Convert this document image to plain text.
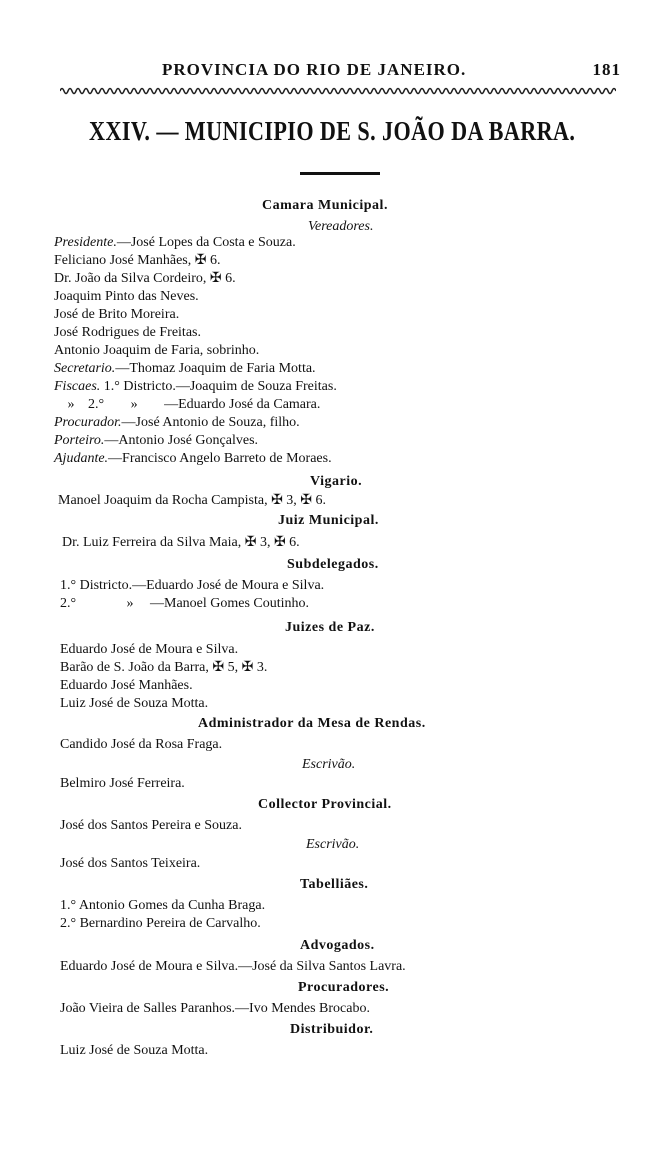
PROVINCIA DO RIO DE JANEIRO.	181
XXIV. — MUNICIPIO DE S. JOÃO DA BARRA.
Camara Municipal.
Vereadores.
Presidente.—José Lopes da Costa e Souza.
Feliciano José Manhães, ✠ 6.
Dr. João da Silva Cordeiro, ✠ 6.
Joaquim Pinto das Neves.
José de Brito Moreira.
José Rodrigues de Freitas.
Antonio Joaquim de Faria, sobrinho.
Secretario.—Thomaz Joaquim de Faria Motta.
Fiscaes. 1.° Districto.—Joaquim de Souza Freitas.
» 2.° » —Eduardo José da Camara.
Procurador.—José Antonio de Souza, filho.
Porteiro.—Antonio José Gonçalves.
Ajudante.—Francisco Angelo Barreto de Moraes.
Vigario.
Manoel Joaquim da Rocha Campista, ✠ 3, ✠ 6.
Juiz Municipal.
Dr. Luiz Ferreira da Silva Maia, ✠ 3, ✠ 6.
Subdelegados.
1.° Districto.—Eduardo José de Moura e Silva.
2.°	» —Manoel Gomes Coutinho.
Juizes de Paz.
Eduardo José de Moura e Silva.
Barão de S. João da Barra, ✠ 5, ✠ 3.
Eduardo José Manhães.
Luiz José de Souza Motta.
Administrador da Mesa de Rendas.
Candido José da Rosa Fraga.
Escrivão.
Belmiro José Ferreira.
Collector Provincial.
José dos Santos Pereira e Souza.
Escrivão.
José dos Santos Teixeira.
Tabelliães.
1.° Antonio Gomes da Cunha Braga.
2.° Bernardino Pereira de Carvalho.
Advogados.
Eduardo José de Moura e Silva.—José da Silva Santos Lavra.
Procuradores.
João Vieira de Salles Paranhos.—Ivo Mendes Brocabo.
Distribuidor.
Luiz José de Souza Motta.
